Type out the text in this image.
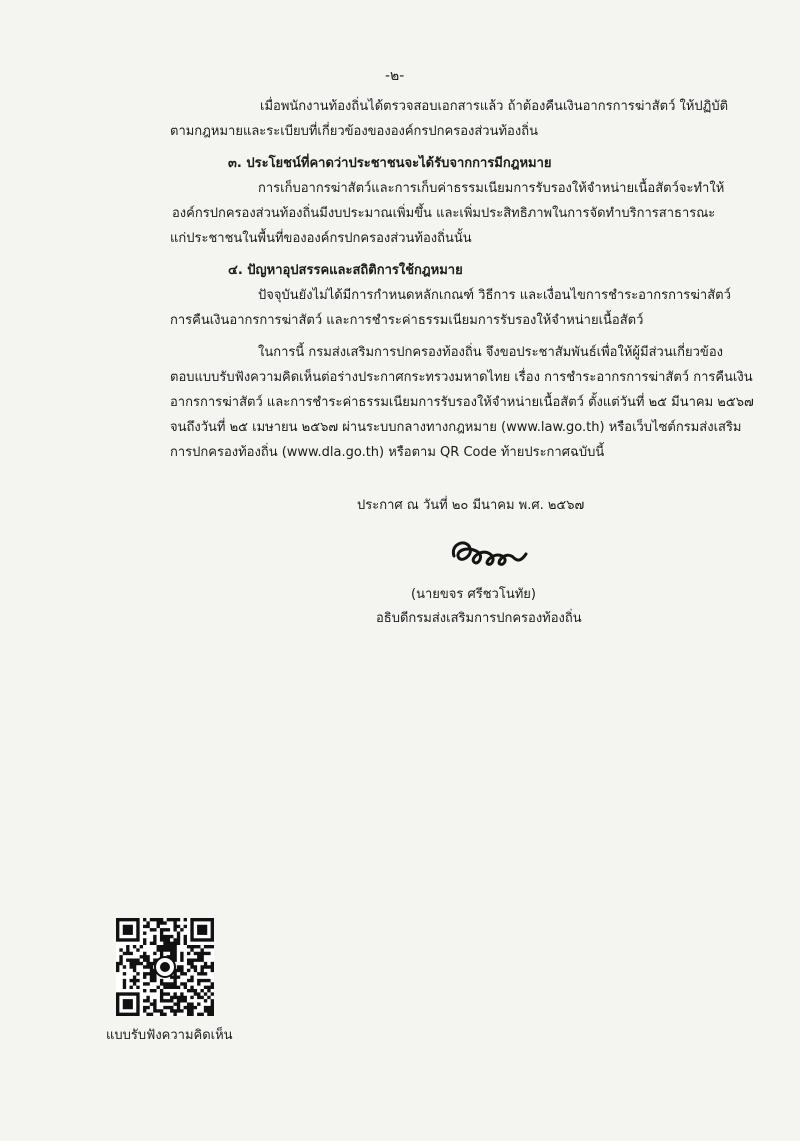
-๒-
เมื่อพนักงานท้องถิ่นได้ตรวจสอบเอกสารแล้ว ถ้าต้องคืนเงินอากรการฆ่าสัตว์ ให้ปฏิบัติ
ตามกฎหมายและระเบียบที่เกี่ยวข้องขององค์กรปกครองส่วนท้องถิ่น
๓. ประโยชน์ที่คาดว่าประชาชนจะได้รับจากการมีกฎหมาย
การเก็บอากรฆ่าสัตว์และการเก็บค่าธรรมเนียมการรับรองให้จำหน่ายเนื้อสัตว์จะทำให้
องค์กรปกครองส่วนท้องถิ่นมีงบประมาณเพิ่มขึ้น และเพิ่มประสิทธิภาพในการจัดทำบริการสาธารณะ
แก่ประชาชนในพื้นที่ขององค์กรปกครองส่วนท้องถิ่นนั้น
๔. ปัญหาอุปสรรคและสถิติการใช้กฎหมาย
ปัจจุบันยังไม่ได้มีการกำหนดหลักเกณฑ์ วิธีการ และเงื่อนไขการชำระอากรการฆ่าสัตว์
การคืนเงินอากรการฆ่าสัตว์ และการชำระค่าธรรมเนียมการรับรองให้จำหน่ายเนื้อสัตว์
ในการนี้ กรมส่งเสริมการปกครองท้องถิ่น จึงขอประชาสัมพันธ์เพื่อให้ผู้มีส่วนเกี่ยวข้อง
ตอบแบบรับฟังความคิดเห็นต่อร่างประกาศกระทรวงมหาดไทย เรื่อง การชำระอากรการฆ่าสัตว์ การคืนเงิน
อากรการฆ่าสัตว์ และการชำระค่าธรรมเนียมการรับรองให้จำหน่ายเนื้อสัตว์ ตั้งแต่วันที่ ๒๕ มีนาคม ๒๕๖๗
จนถึงวันที่ ๒๕ เมษายน ๒๕๖๗ ผ่านระบบกลางทางกฎหมาย (www.law.go.th) หรือเว็บไซต์กรมส่งเสริม
การปกครองท้องถิ่น (www.dla.go.th) หรือตาม QR Code ท้ายประกาศฉบับนี้
ประกาศ ณ วันที่ ๒๐ มีนาคม พ.ศ. ๒๕๖๗
(นายขจร ศรีชวโนทัย)
อธิบดีกรมส่งเสริมการปกครองท้องถิ่น
แบบรับฟังความคิดเห็น
